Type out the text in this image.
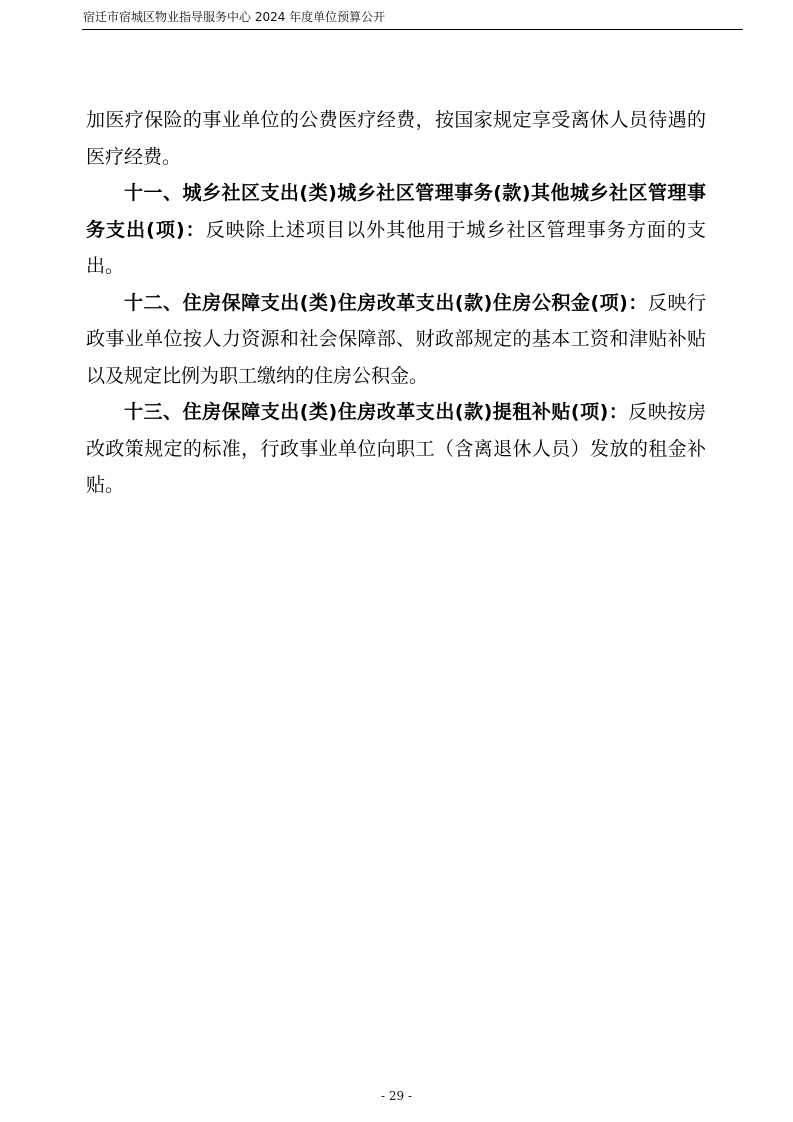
宿迁市宿城区物业指导服务中心 2024 年度单位预算公开

加医疗保险的事业单位的公费医疗经费，按国家规定享受离休人员待遇的医疗经费。

十一、城乡社区支出(类)城乡社区管理事务(款)其他城乡社区管理事务支出(项)：反映除上述项目以外其他用于城乡社区管理事务方面的支出。

十二、住房保障支出(类)住房改革支出(款)住房公积金(项)：反映行政事业单位按人力资源和社会保障部、财政部规定的基本工资和津贴补贴以及规定比例为职工缴纳的住房公积金。

十三、住房保障支出(类)住房改革支出(款)提租补贴(项)：反映按房改政策规定的标准，行政事业单位向职工（含离退休人员）发放的租金补贴。

- 29 -
